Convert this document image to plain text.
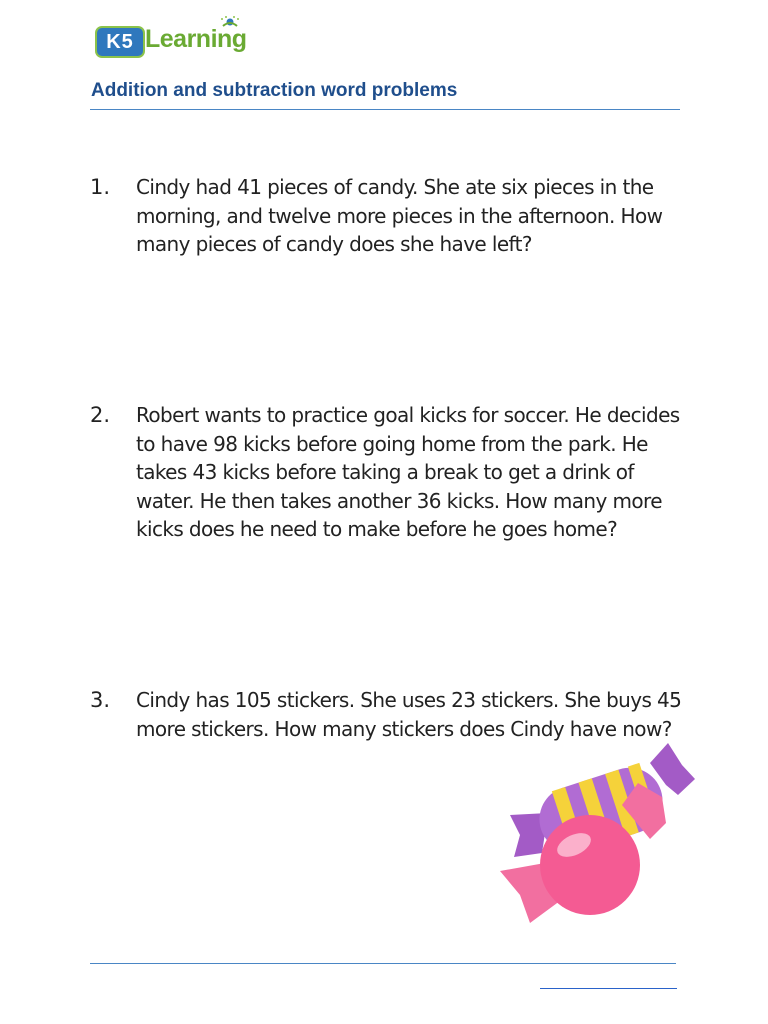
K5 Learning
Addition and subtraction word problems
1. Cindy had 41 pieces of candy. She ate six pieces in the morning, and twelve more pieces in the afternoon. How many pieces of candy does she have left?
2. Robert wants to practice goal kicks for soccer. He decides to have 98 kicks before going home from the park. He takes 43 kicks before taking a break to get a drink of water. He then takes another 36 kicks. How many more kicks does he need to make before he goes home?
3. Cindy has 105 stickers. She uses 23 stickers. She buys 45 more stickers. How many stickers does Cindy have now?
